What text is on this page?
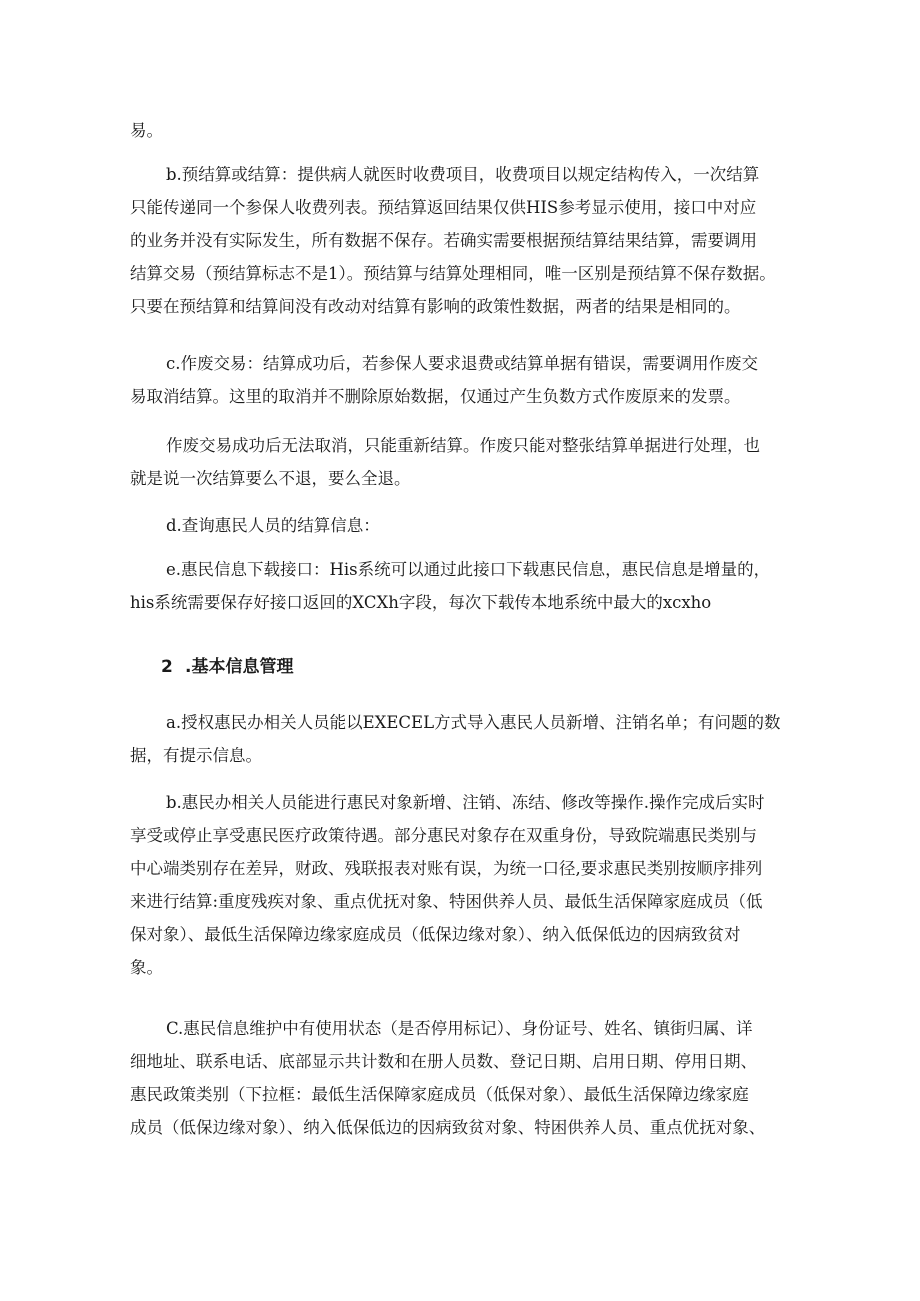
易。

b.预结算或结算：提供病人就医时收费项目，收费项目以规定结构传入，一次结算
只能传递同一个参保人收费列表。预结算返回结果仅供HIS参考显示使用，接口中对应
的业务并没有实际发生，所有数据不保存。若确实需要根据预结算结果结算，需要调用
结算交易（预结算标志不是1）。预结算与结算处理相同，唯一区别是预结算不保存数据。
只要在预结算和结算间没有改动对结算有影响的政策性数据，两者的结果是相同的。

c.作废交易：结算成功后，若参保人要求退费或结算单据有错误，需要调用作废交
易取消结算。这里的取消并不删除原始数据，仅通过产生负数方式作废原来的发票。

作废交易成功后无法取消，只能重新结算。作废只能对整张结算单据进行处理，也
就是说一次结算要么不退，要么全退。

d.查询惠民人员的结算信息：

e.惠民信息下载接口：His系统可以通过此接口下载惠民信息，惠民信息是增量的，
his系统需要保存好接口返回的XCXh字段，每次下载传本地系统中最大的xcxho

2 .基本信息管理

a.授权惠民办相关人员能以EXECEL方式导入惠民人员新增、注销名单；有问题的数
据，有提示信息。

b.惠民办相关人员能进行惠民对象新增、注销、冻结、修改等操作.操作完成后实时
享受或停止享受惠民医疗政策待遇。部分惠民对象存在双重身份，导致院端惠民类别与
中心端类别存在差异，财政、残联报表对账有误，为统一口径,要求惠民类别按顺序排列
来进行结算:重度残疾对象、重点优抚对象、特困供养人员、最低生活保障家庭成员（低
保对象）、最低生活保障边缘家庭成员（低保边缘对象）、纳入低保低边的因病致贫对
象。

C.惠民信息维护中有使用状态（是否停用标记）、身份证号、姓名、镇街归属、详
细地址、联系电话、底部显示共计数和在册人员数、登记日期、启用日期、停用日期、
惠民政策类别（下拉框：最低生活保障家庭成员（低保对象）、最低生活保障边缘家庭
成员（低保边缘对象）、纳入低保低边的因病致贫对象、特困供养人员、重点优抚对象、
